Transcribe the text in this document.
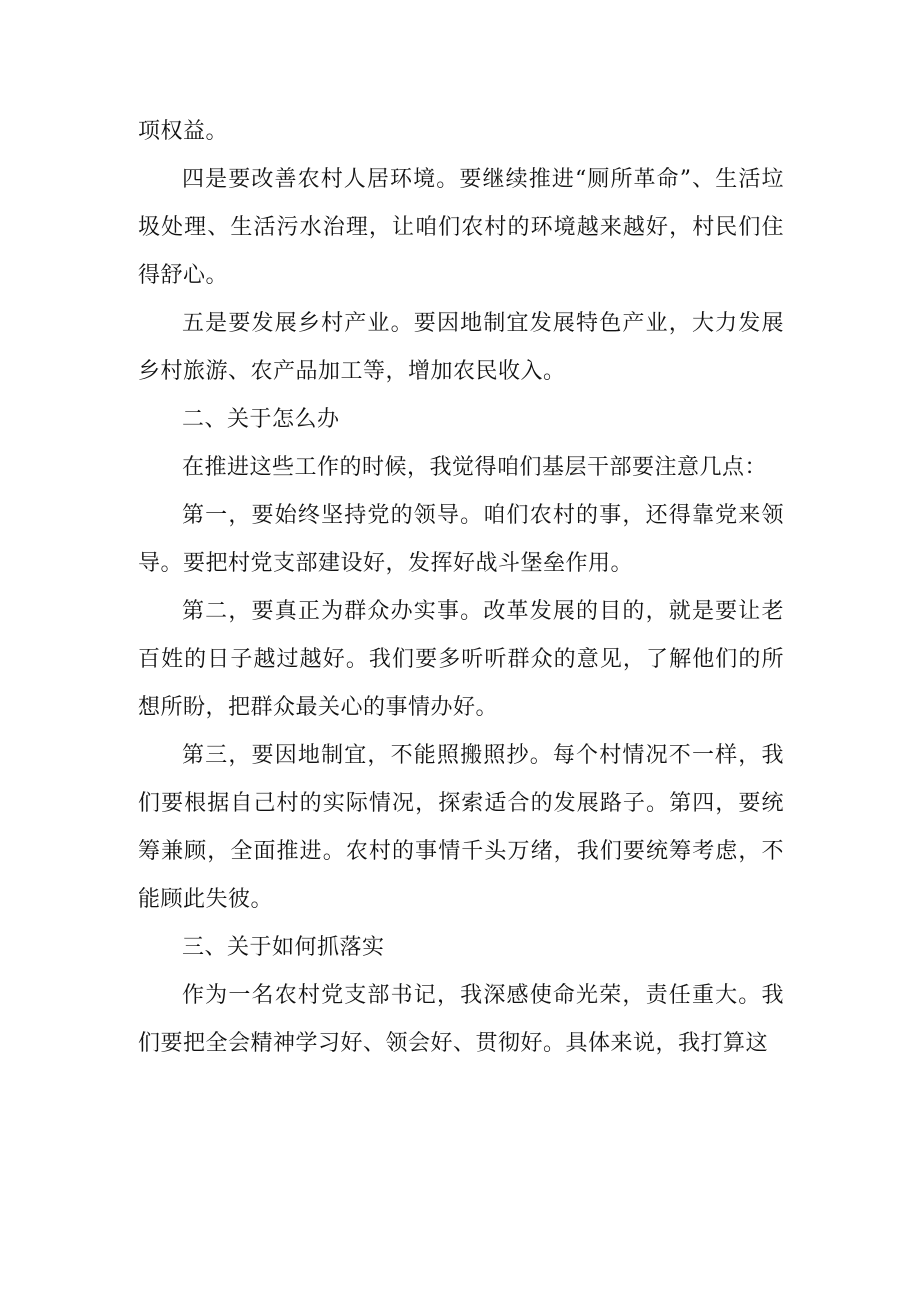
项权益。

四是要改善农村人居环境。要继续推进“厕所革命”、生活垃圾处理、生活污水治理，让咱们农村的环境越来越好，村民们住得舒心。

五是要发展乡村产业。要因地制宜发展特色产业，大力发展乡村旅游、农产品加工等，增加农民收入。

二、关于怎么办

在推进这些工作的时候，我觉得咱们基层干部要注意几点：

第一，要始终坚持党的领导。咱们农村的事，还得靠党来领导。要把村党支部建设好，发挥好战斗堡垒作用。

第二，要真正为群众办实事。改革发展的目的，就是要让老百姓的日子越过越好。我们要多听听群众的意见，了解他们的所想所盼，把群众最关心的事情办好。

第三，要因地制宜，不能照搬照抄。每个村情况不一样，我们要根据自己村的实际情况，探索适合的发展路子。第四，要统筹兼顾，全面推进。农村的事情千头万绪，我们要统筹考虑，不能顾此失彼。

三、关于如何抓落实

作为一名农村党支部书记，我深感使命光荣，责任重大。我们要把全会精神学习好、领会好、贯彻好。具体来说，我打算这
